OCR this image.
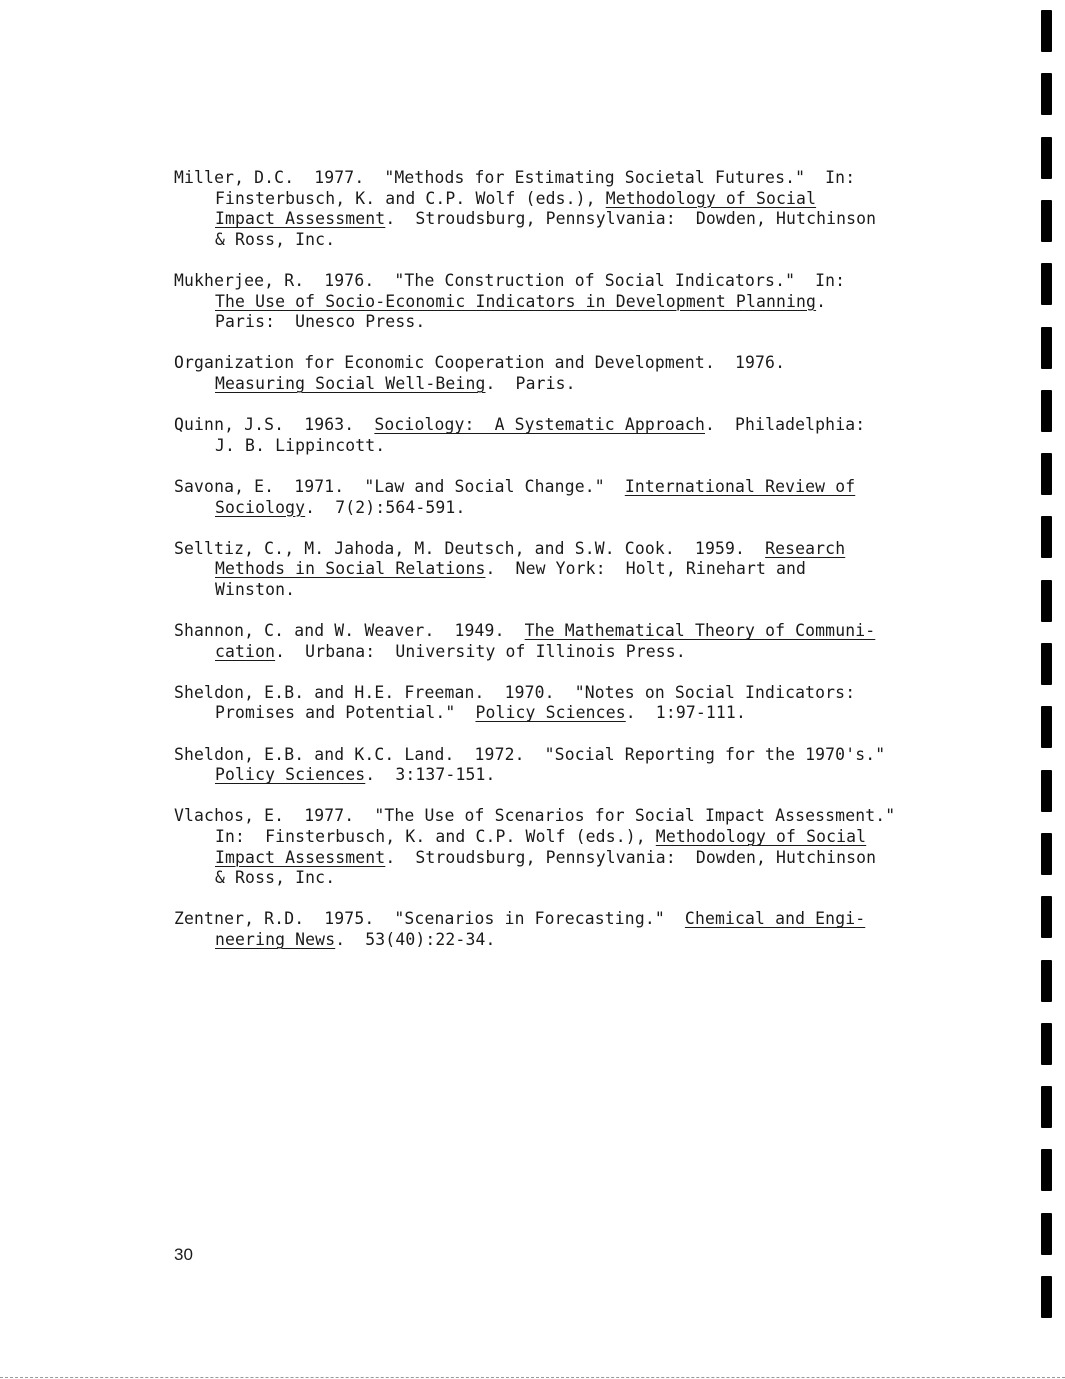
Miller, D.C.  1977.  "Methods for Estimating Societal Futures."  In:
Finsterbusch, K. and C.P. Wolf (eds.), Methodology of Social
Impact Assessment.  Stroudsburg, Pennsylvania:  Dowden, Hutchinson
& Ross, Inc.
Mukherjee, R.  1976.  "The Construction of Social Indicators."  In:
The Use of Socio-Economic Indicators in Development Planning.
Paris:  Unesco Press.
Organization for Economic Cooperation and Development.  1976.
Measuring Social Well-Being.  Paris.
Quinn, J.S.  1963.  Sociology:  A Systematic Approach.  Philadelphia:
J. B. Lippincott.
Savona, E.  1971.  "Law and Social Change."  International Review of
Sociology.  7(2):564-591.
Selltiz, C., M. Jahoda, M. Deutsch, and S.W. Cook.  1959.  Research
Methods in Social Relations.  New York:  Holt, Rinehart and
Winston.
Shannon, C. and W. Weaver.  1949.  The Mathematical Theory of Communi-
cation.  Urbana:  University of Illinois Press.
Sheldon, E.B. and H.E. Freeman.  1970.  "Notes on Social Indicators:
Promises and Potential."  Policy Sciences.  1:97-111.
Sheldon, E.B. and K.C. Land.  1972.  "Social Reporting for the 1970's."
Policy Sciences.  3:137-151.
Vlachos, E.  1977.  "The Use of Scenarios for Social Impact Assessment."
In:  Finsterbusch, K. and C.P. Wolf (eds.), Methodology of Social
Impact Assessment.  Stroudsburg, Pennsylvania:  Dowden, Hutchinson
& Ross, Inc.
Zentner, R.D.  1975.  "Scenarios in Forecasting."  Chemical and Engi-
neering News.  53(40):22-34.
30
